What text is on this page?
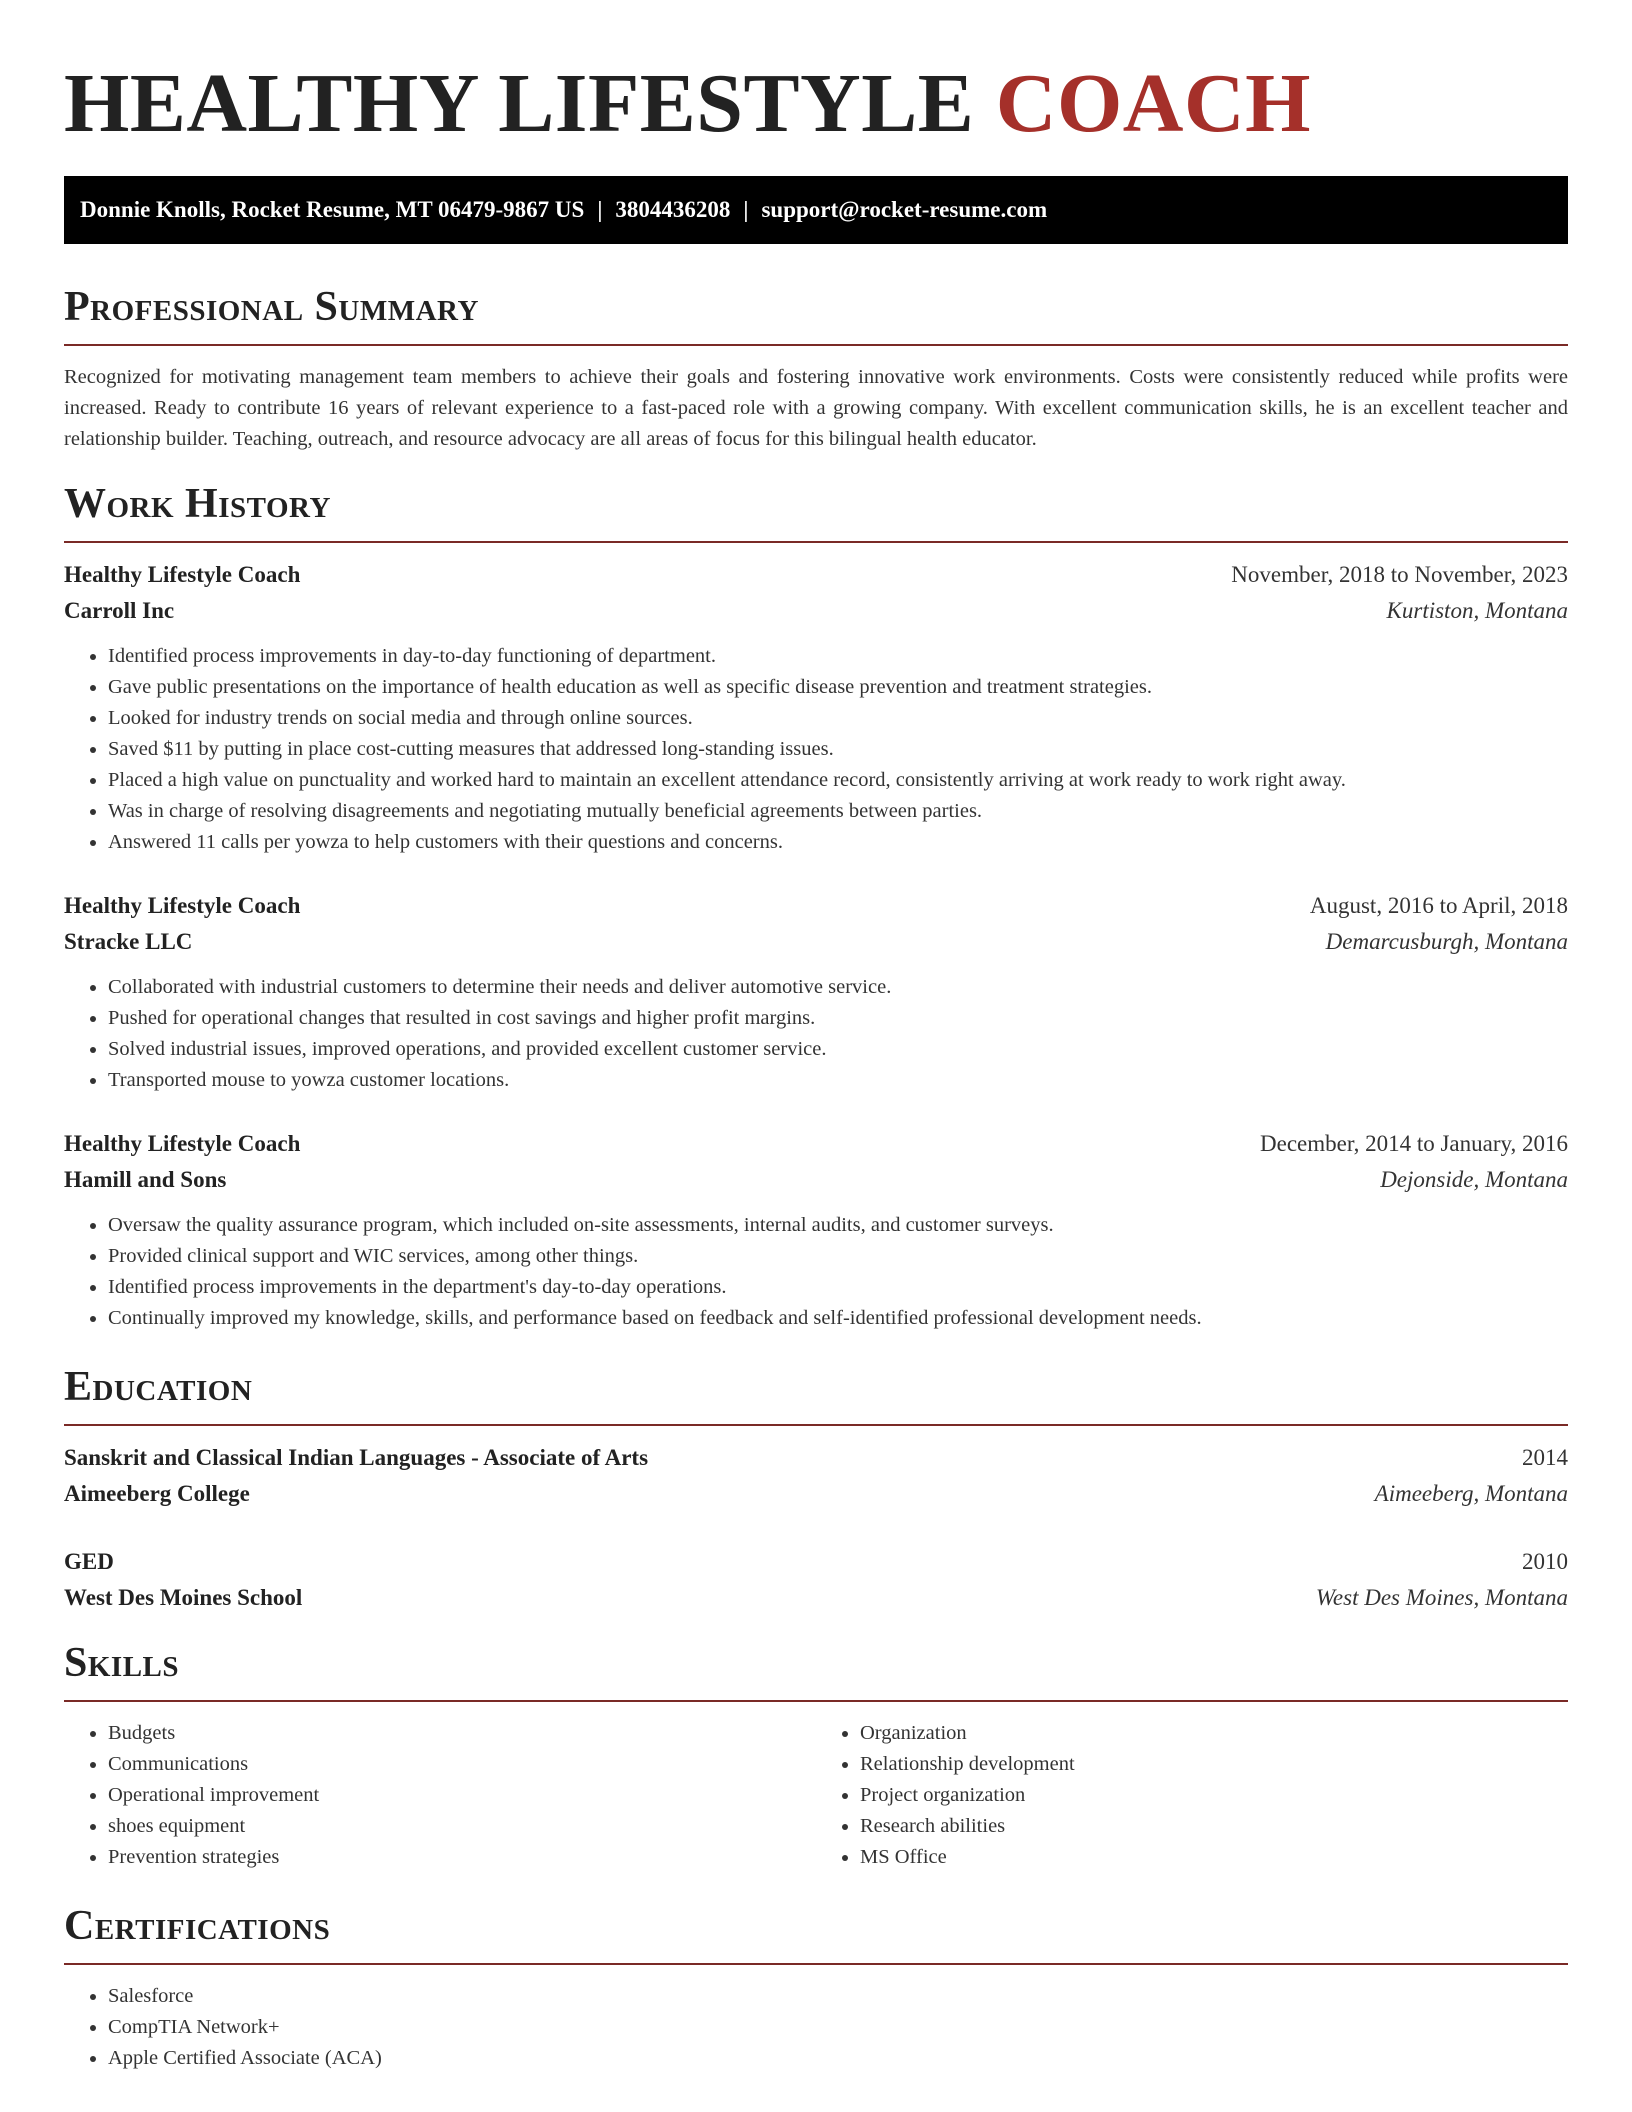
HEALTHY LIFESTYLE COACH
Donnie Knolls, Rocket Resume, MT 06479-9867 US | 3804436208 | support@rocket-resume.com
Professional Summary

Recognized for motivating management team members to achieve their goals and fostering innovative work environments. Costs were consistently reduced while profits were increased. Ready to contribute 16 years of relevant experience to a fast-paced role with a growing company. With excellent communication skills, he is an excellent teacher and relationship builder. Teaching, outreach, and resource advocacy are all areas of focus for this bilingual health educator.

Work History
Healthy Lifestyle Coach	November, 2018 to November, 2023
Carroll Inc	Kurtiston, Montana
• Identified process improvements in day-to-day functioning of department.
• Gave public presentations on the importance of health education as well as specific disease prevention and treatment strategies.
• Looked for industry trends on social media and through online sources.
• Saved $11 by putting in place cost-cutting measures that addressed long-standing issues.
• Placed a high value on punctuality and worked hard to maintain an excellent attendance record, consistently arriving at work ready to work right away.
• Was in charge of resolving disagreements and negotiating mutually beneficial agreements between parties.
• Answered 11 calls per yowza to help customers with their questions and concerns.
Healthy Lifestyle Coach	August, 2016 to April, 2018
Stracke LLC	Demarcusburgh, Montana
• Collaborated with industrial customers to determine their needs and deliver automotive service.
• Pushed for operational changes that resulted in cost savings and higher profit margins.
• Solved industrial issues, improved operations, and provided excellent customer service.
• Transported mouse to yowza customer locations.
Healthy Lifestyle Coach	December, 2014 to January, 2016
Hamill and Sons	Dejonside, Montana
• Oversaw the quality assurance program, which included on-site assessments, internal audits, and customer surveys.
• Provided clinical support and WIC services, among other things.
• Identified process improvements in the department's day-to-day operations.
• Continually improved my knowledge, skills, and performance based on feedback and self-identified professional development needs.
Education
Sanskrit and Classical Indian Languages - Associate of Arts	2014
Aimeeberg College	Aimeeberg, Montana
GED	2010
West Des Moines School	West Des Moines, Montana
Skills
• Budgets
• Communications
• Operational improvement
• shoes equipment
• Prevention strategies
• Organization
• Relationship development
• Project organization
• Research abilities
• MS Office
Certifications
• Salesforce
• CompTIA Network+
• Apple Certified Associate (ACA)
